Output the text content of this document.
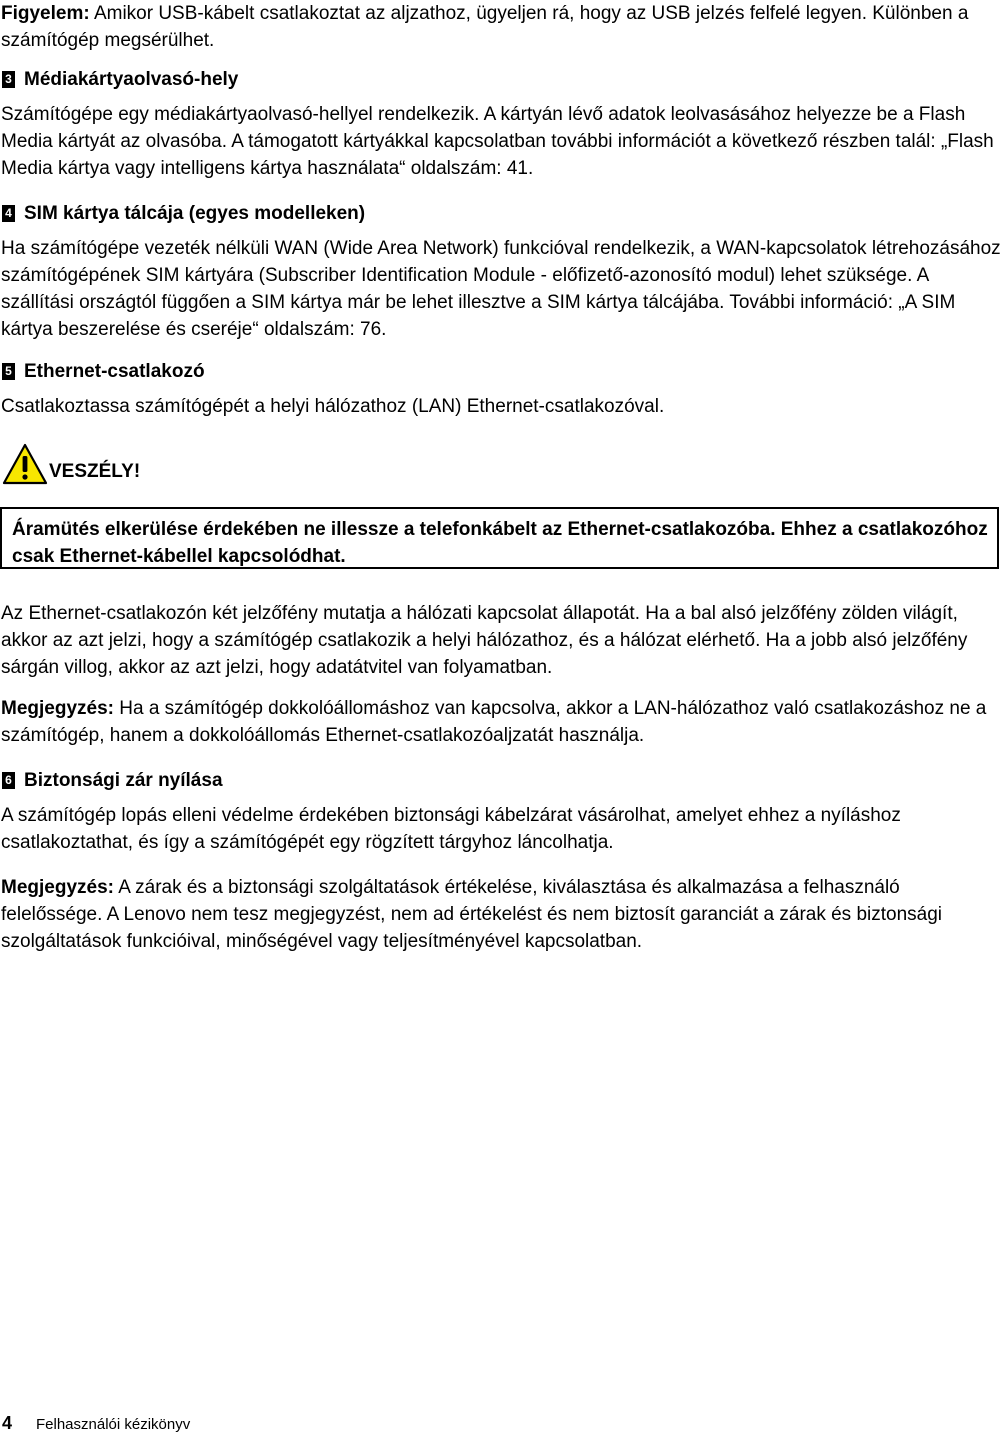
Figyelem: Amikor USB-kábelt csatlakoztat az aljzathoz, ügyeljen rá, hogy az USB jelzés felfelé legyen. Különben a számítógép megsérülhet.

3 Médiakártyaolvasó-hely

Számítógépe egy médiakártyaolvasó-hellyel rendelkezik. A kártyán lévő adatok leolvasásához helyezze be a Flash Media kártyát az olvasóba. A támogatott kártyákkal kapcsolatban további információt a következő részben talál: „Flash Media kártya vagy intelligens kártya használata“ oldalszám: 41.

4 SIM kártya tálcája (egyes modelleken)

Ha számítógépe vezeték nélküli WAN (Wide Area Network) funkcióval rendelkezik, a WAN-kapcsolatok létrehozásához számítógépének SIM kártyára (Subscriber Identification Module - előfizető-azonosító modul) lehet szüksége. A szállítási országtól függően a SIM kártya már be lehet illesztve a SIM kártya tálcájába. További információ: „A SIM kártya beszerelése és cseréje“ oldalszám: 76.

5 Ethernet-csatlakozó

Csatlakoztassa számítógépét a helyi hálózathoz (LAN) Ethernet-csatlakozóval.

VESZÉLY!
Áramütés elkerülése érdekében ne illessze a telefonkábelt az Ethernet-csatlakozóba. Ehhez a csatlakozóhoz csak Ethernet-kábellel kapcsolódhat.

Az Ethernet-csatlakozón két jelzőfény mutatja a hálózati kapcsolat állapotát. Ha a bal alsó jelzőfény zölden világít, akkor az azt jelzi, hogy a számítógép csatlakozik a helyi hálózathoz, és a hálózat elérhető. Ha a jobb alsó jelzőfény sárgán villog, akkor az azt jelzi, hogy adatátvitel van folyamatban.

Megjegyzés: Ha a számítógép dokkolóállomáshoz van kapcsolva, akkor a LAN-hálózathoz való csatlakozáshoz ne a számítógép, hanem a dokkolóállomás Ethernet-csatlakozóaljzatát használja.

6 Biztonsági zár nyílása

A számítógép lopás elleni védelme érdekében biztonsági kábelzárat vásárolhat, amelyet ehhez a nyíláshoz csatlakoztathat, és így a számítógépét egy rögzített tárgyhoz láncolhatja.

Megjegyzés: A zárak és a biztonsági szolgáltatások értékelése, kiválasztása és alkalmazása a felhasználó felelőssége. A Lenovo nem tesz megjegyzést, nem ad értékelést és nem biztosít garanciát a zárak és biztonsági szolgáltatások funkcióival, minőségével vagy teljesítményével kapcsolatban.

4	Felhasználói kézikönyv
